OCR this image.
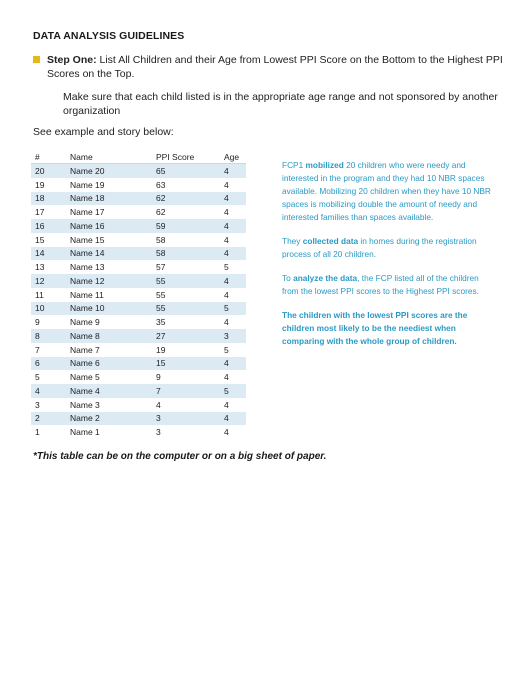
DATA ANALYSIS GUIDELINES
Step One: List All Children and their Age from Lowest PPI Score on the Bottom to the Highest PPI Scores on the Top.
Make sure that each child listed is in the appropriate age range and not sponsored by another organization
See example and story below:
#	Name	PPI Score	Age
20	Name 20	65	4
19	Name 19	63	4
18	Name 18	62	4
17	Name 17	62	4
16	Name 16	59	4
15	Name 15	58	4
14	Name 14	58	4
13	Name 13	57	5
12	Name 12	55	4
11	Name 11	55	4
10	Name 10	55	5
9	Name 9	35	4
8	Name 8	27	3
7	Name 7	19	5
6	Name 6	15	4
5	Name 5	9	4
4	Name 4	7	5
3	Name 3	4	4
2	Name 2	3	4
1	Name 1	3	4

FCP1 mobilized 20 children who were needy and interested in the program and they had 10 NBR spaces available. Mobilizing 20 children when they have 10 NBR spaces is mobilizing double the amount of needy and interested families than spaces available.

They collected data in homes during the registration process of all 20 children.

To analyze the data, the FCP listed all of the children from the lowest PPI scores to the Highest PPI scores.

The children with the lowest PPI scores are the children most likely to be the neediest when comparing with the whole group of children.

*This table can be on the computer or on a big sheet of paper.
